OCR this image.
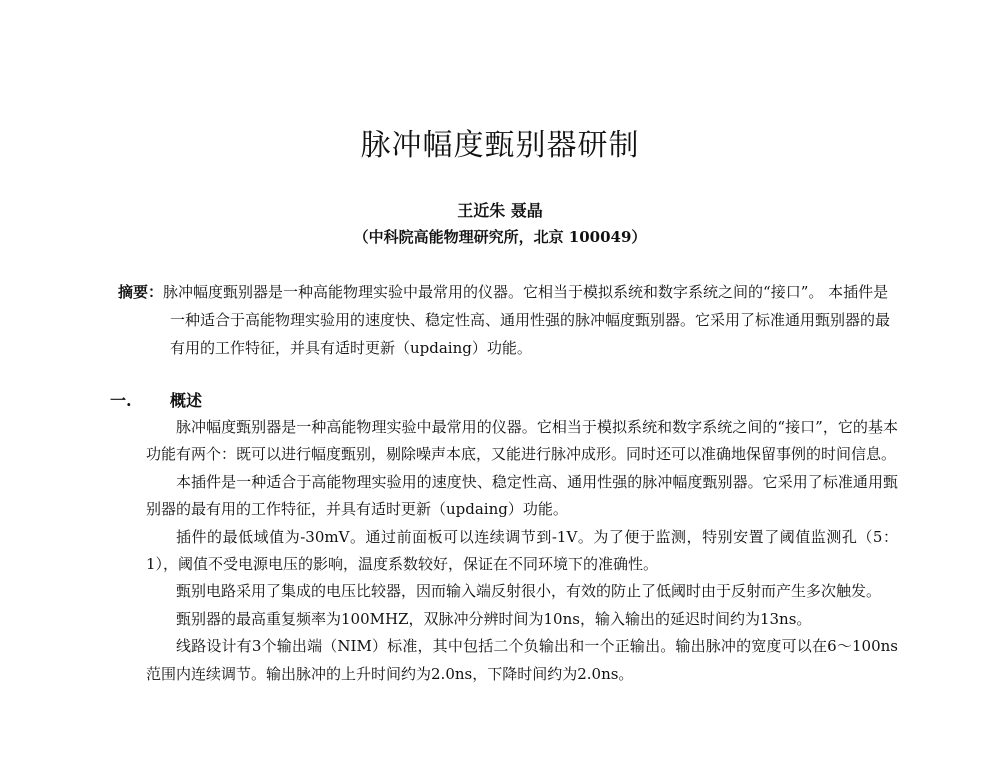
脉冲幅度甄别器研制
王近朱 聂晶
（中科院高能物理研究所，北京 100049）

摘要：脉冲幅度甄别器是一种高能物理实验中最常用的仪器。它相当于模拟系统和数字系统之间的“接口”。 本插件是一种适合于高能物理实验用的速度快、稳定性高、通用性强的脉冲幅度甄别器。它采用了标准通用甄别器的最有用的工作特征，并具有适时更新（updaing）功能。

一. 概述

脉冲幅度甄别器是一种高能物理实验中最常用的仪器。它相当于模拟系统和数字系统之间的“接口”，它的基本功能有两个：既可以进行幅度甄别，剔除噪声本底，又能进行脉冲成形。同时还可以准确地保留事例的时间信息。

本插件是一种适合于高能物理实验用的速度快、稳定性高、通用性强的脉冲幅度甄别器。它采用了标准通用甄别器的最有用的工作特征，并具有适时更新（updaing）功能。

插件的最低域值为-30mV。通过前面板可以连续调节到-1V。为了便于监测，特别安置了阈值监测孔（5：1），阈值不受电源电压的影响，温度系数较好，保证在不同环境下的准确性。

甄别电路采用了集成的电压比较器，因而输入端反射很小，有效的防止了低阈时由于反射而产生多次触发。

甄别器的最高重复频率为100MHZ，双脉冲分辨时间为10ns，输入输出的延迟时间约为13ns。

线路设计有3个输出端（NIM）标准，其中包括二个负输出和一个正输出。输出脉冲的宽度可以在6～100ns范围内连续调节。输出脉冲的上升时间约为2.0ns，下降时间约为2.0ns。
